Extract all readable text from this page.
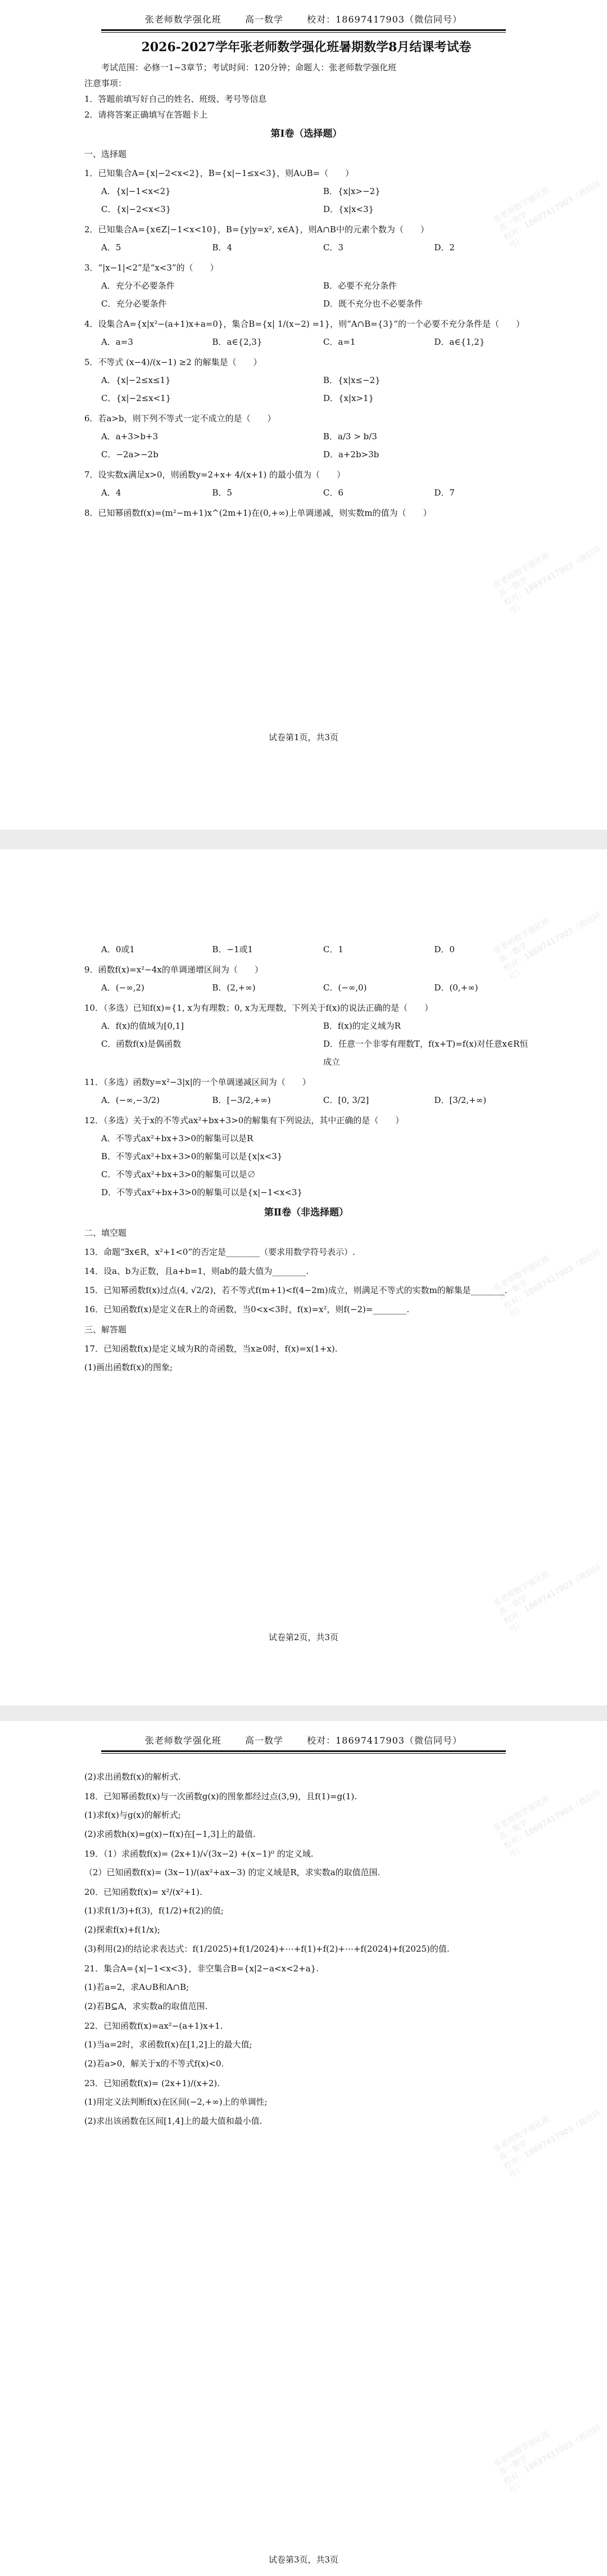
张老师数学强化班	高一数学	校对：18697417903（微信同号）
张老师数学强化班
高一数学
校对：18697417903（微信同号）
张老师数学强化班
高一数学
校对：18697417903（微信同号）
2026-2027学年张老师数学强化班暑期数学8月结课考试卷
考试范围：必修一1~3章节；考试时间：120分钟；命题人：张老师数学强化班
注意事项：
1．答题前填写好自己的姓名、班级、考号等信息
2．请将答案正确填写在答题卡上
第Ⅰ卷（选择题）
一、选择题
1．已知集合A={x|−2<x<2}，B={x|−1≤x<3}，则A∪B=（　　）
A．{x|−1<x<2}	B．{x|x>−2}
C．{x|−2<x<3}	D．{x|x<3}
2．已知集合A={x∈Z|−1<x<10}，B={y|y=x², x∈A}，则A∩B中的元素个数为（　　）
A．5	B．4	C．3	D．2
3．“|x−1|<2”是“x<3”的（　　）
A．充分不必要条件	B．必要不充分条件
C．充分必要条件	D．既不充分也不必要条件
4．设集合A={x|x²−(a+1)x+a=0}，集合B={x| 1/(x−2) =1}，则“A∩B={3}”的一个必要不充分条件是（　　）
A．a=3	B．a∈{2,3}	C．a=1	D．a∈{1,2}
5．不等式 (x−4)/(x−1) ≥2 的解集是（　　）
A．{x|−2≤x≤1}	B．{x|x≤−2}
C．{x|−2≤x<1}	D．{x|x>1}
6．若a>b，则下列不等式一定不成立的是（　　）
A．a+3>b+3	B．a/3 > b/3
C．−2a>−2b	D．a+2b>3b
7．设实数x满足x>0，则函数y=2+x+ 4/(x+1) 的最小值为（　　）
A．4	B．5	C．6	D．7
8．已知幂函数f(x)=(m²−m+1)x^(2m+1)在(0,+∞)上单调递减，则实数m的值为（　　）
试卷第1页，共3页
张老师数学强化班
高一数学
校对：18697417903（微信同号）
张老师数学强化班
高一数学
校对：18697417903（微信同号）
张老师数学强化班
高一数学
校对：18697417903（微信同号）
A．0或1	B．−1或1	C．1	D．0
9．函数f(x)=x²−4x的单调递增区间为（　　）
A．(−∞,2)	B．(2,+∞)	C．(−∞,0)	D．(0,+∞)
10．（多选）已知f(x)={1, x为有理数；0, x为无理数，下列关于f(x)的说法正确的是（　　）
A．f(x)的值域为[0,1]	B．f(x)的定义域为R
C．函数f(x)是偶函数	D．任意一个非零有理数T，f(x+T)=f(x)对任意x∈R恒成立
11．（多选）函数y=x²−3|x|的一个单调递减区间为（　　）
A．(−∞,−3/2)	B．[−3/2,+∞)	C．[0, 3/2]	D．[3/2,+∞)
12．（多选）关于x的不等式ax²+bx+3>0的解集有下列说法，其中正确的是（　　）
A．不等式ax²+bx+3>0的解集可以是R
B．不等式ax²+bx+3>0的解集可以是{x|x<3}
C．不等式ax²+bx+3>0的解集可以是∅
D．不等式ax²+bx+3>0的解集可以是{x|−1<x<3}
第Ⅱ卷（非选择题）
二、填空题
13．命题“∃x∈R，x²+1<0”的否定是________（要求用数学符号表示）.
14．设a、b为正数，且a+b=1，则ab的最大值为________.
15．已知幂函数f(x)过点(4, √2/2)，若不等式f(m+1)<f(4−2m)成立，则满足不等式的实数m的解集是________.
16．已知函数f(x)是定义在R上的奇函数，当0<x<3时，f(x)=x²，则f(−2)=________.
三、解答题
17．已知函数f(x)是定义域为R的奇函数，当x≥0时，f(x)=x(1+x).
(1)画出函数f(x)的图象;
试卷第2页，共3页
张老师数学强化班	高一数学	校对：18697417903（微信同号）
张老师数学强化班
高一数学
校对：18697417903（微信同号）
张老师数学强化班
高一数学
校对：18697417903（微信同号）
张老师数学强化班
高一数学
校对：18697417903（微信同号）
(2)求出函数f(x)的解析式.
18．已知幂函数f(x)与一次函数g(x)的图象都经过点(3,9)，且f(1)=g(1).
(1)求f(x)与g(x)的解析式;
(2)求函数h(x)=g(x)−f(x)在[−1,3]上的最值.
19．（1）求函数f(x)= (2x+1)/√(3x−2) +(x−1)⁰ 的定义域.
（2）已知函数f(x)= (3x−1)/(ax²+ax−3) 的定义域是R，求实数a的取值范围.
20．已知函数f(x)= x²/(x²+1).
(1)求f(1/3)+f(3)，f(1/2)+f(2)的值;
(2)探索f(x)+f(1/x);
(3)利用(2)的结论求表达式：f(1/2025)+f(1/2024)+⋯+f(1)+f(2)+⋯+f(2024)+f(2025)的值.
21．集合A={x|−1<x<3}，非空集合B={x|2−a<x<2+a}.
(1)若a=2，求A∪B和A∩B;
(2)若B⊆A，求实数a的取值范围.
22．已知函数f(x)=ax²−(a+1)x+1.
(1)当a=2时，求函数f(x)在[1,2]上的最大值;
(2)若a>0，解关于x的不等式f(x)<0.
23．已知函数f(x)= (2x+1)/(x+2).
(1)用定义法判断f(x)在区间(−2,+∞)上的单调性;
(2)求出该函数在区间[1,4]上的最大值和最小值.
试卷第3页，共3页
